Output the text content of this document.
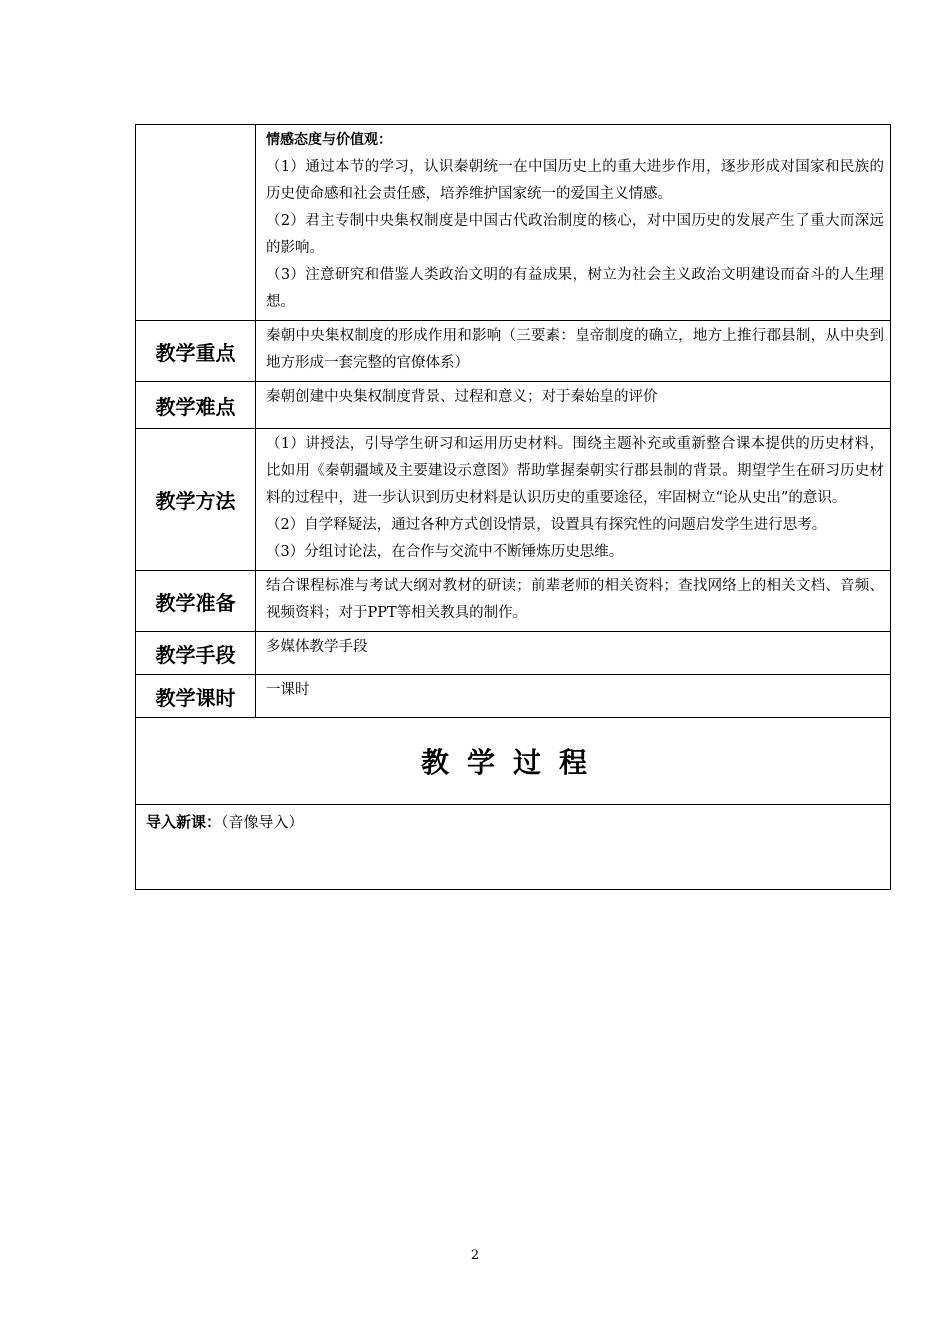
	情感态度与价值观：

（1）通过本节的学习，认识秦朝统一在中国历史上的重大进步作用，逐步形成对国家和民族的历史使命感和社会责任感，培养维护国家统一的爱国主义情感。

（2）君主专制中央集权制度是中国古代政治制度的核心，对中国历史的发展产生了重大而深远的影响。

（3）注意研究和借鉴人类政治文明的有益成果，树立为社会主义政治文明建设而奋斗的人生理想。

教学重点	秦朝中央集权制度的形成作用和影响（三要素：皇帝制度的确立，地方上推行郡县制，从中央到地方形成一套完整的官僚体系）

教学难点	秦朝创建中央集权制度背景、过程和意义；对于秦始皇的评价

教学方法	（1）讲授法，引导学生研习和运用历史材料。围绕主题补充或重新整合课本提供的历史材料，比如用《秦朝疆域及主要建设示意图》帮助掌握秦朝实行郡县制的背景。期望学生在研习历史材料的过程中，进一步认识到历史材料是认识历史的重要途径，牢固树立“论从史出”的意识。

（2）自学释疑法，通过各种方式创设情景，设置具有探究性的问题启发学生进行思考。

（3）分组讨论法，在合作与交流中不断锤炼历史思维。

教学准备	结合课程标准与考试大纲对教材的研读；前辈老师的相关资料；查找网络上的相关文档、音频、视频资料；对于PPT等相关教具的制作。

教学手段	多媒体教学手段

教学课时	一课时

教学过程	
导入新课：（音像导入）	
2
